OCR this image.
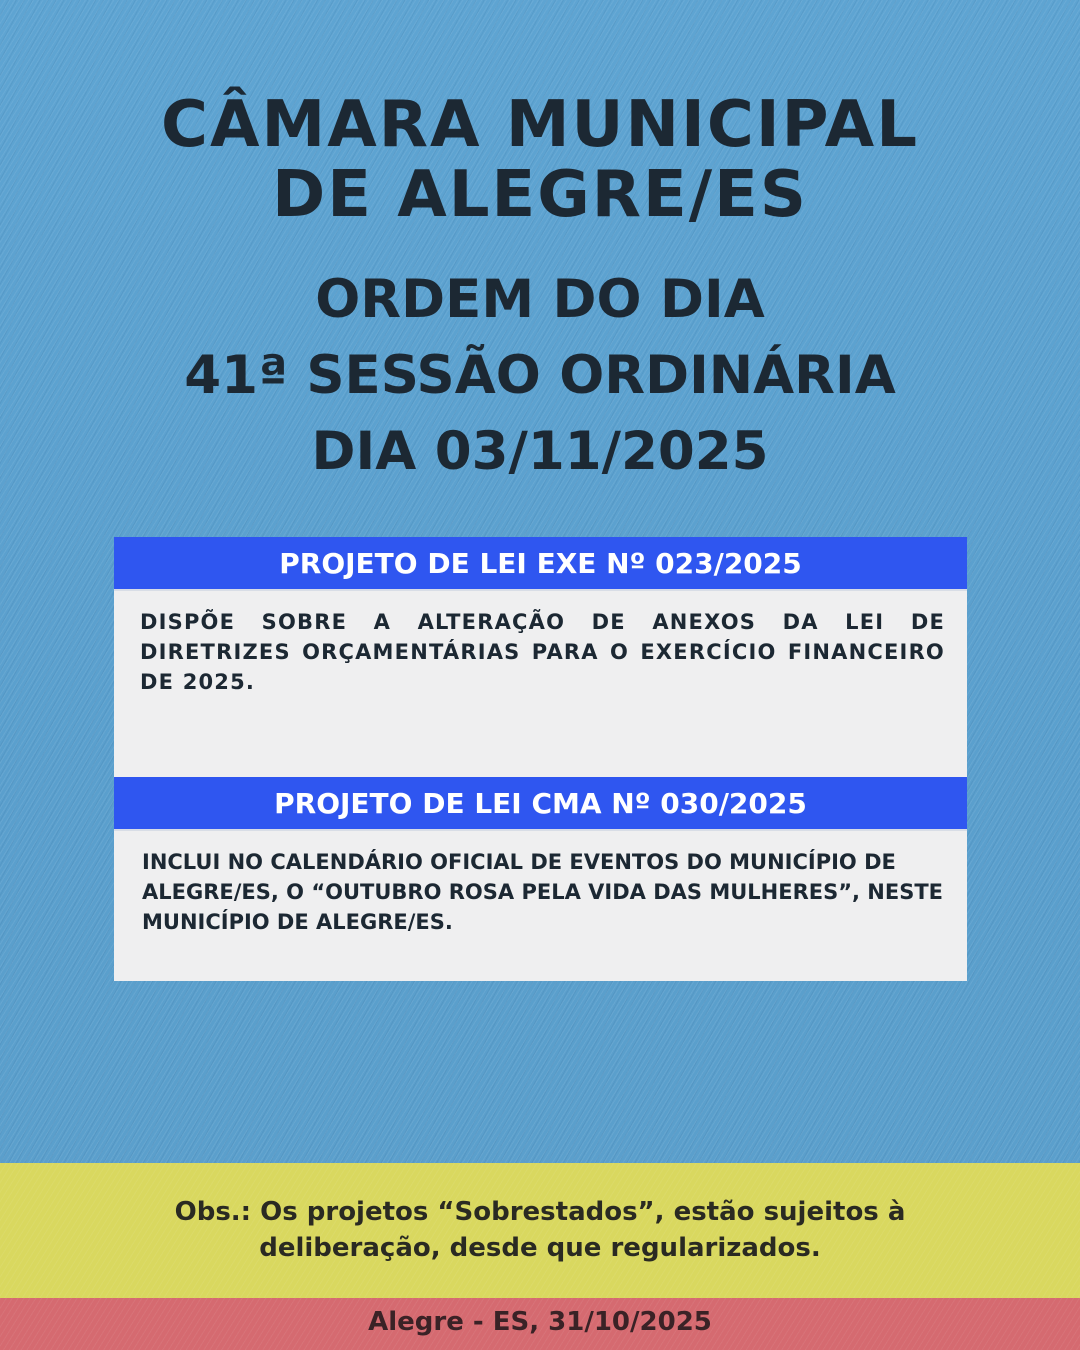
CÂMARA MUNICIPAL
DE ALEGRE/ES
ORDEM DO DIA
41ª SESSÃO ORDINÁRIA
DIA 03/11/2025
PROJETO DE LEI EXE Nº 023/2025
DISPÕE SOBRE A ALTERAÇÃO DE ANEXOS DA LEI DE DIRETRIZES ORÇAMENTÁRIAS PARA O EXERCÍCIO FINANCEIRO DE 2025.
PROJETO DE LEI CMA Nº 030/2025
INCLUI NO CALENDÁRIO OFICIAL DE EVENTOS DO MUNICÍPIO DE ALEGRE/ES, O “OUTUBRO ROSA PELA VIDA DAS MULHERES”, NESTE MUNICÍPIO DE ALEGRE/ES.
Obs.: Os projetos “Sobrestados”, estão sujeitos à
deliberação, desde que regularizados.
Alegre - ES, 31/10/2025
